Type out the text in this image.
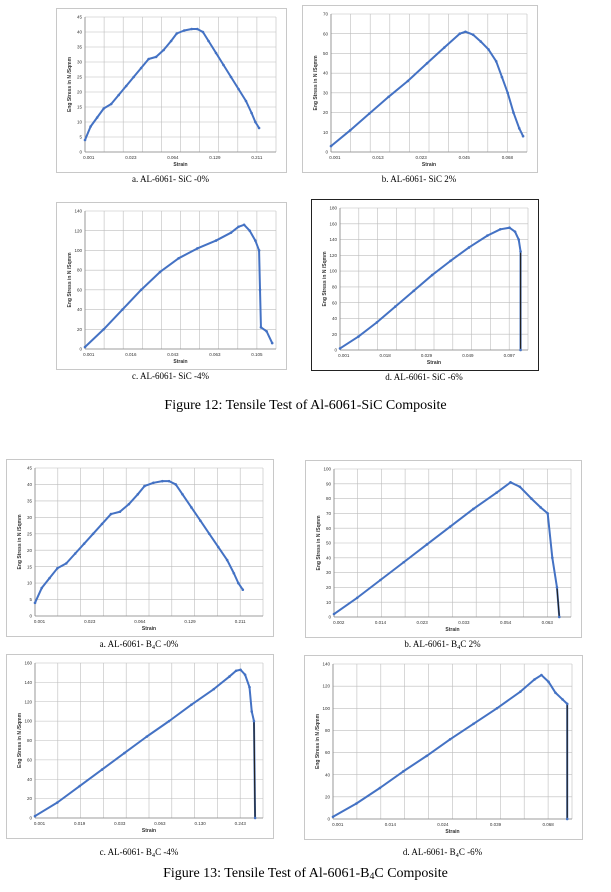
0
5
10
15
20
25
30
35
40
45
0.001	0.023	0.064	0.129	0.211
Strain
Eng Stress in N /Sqmm
a. AL-6061- SiC -0%
0
10
20
30
40
50
60
70
0.001	0.013	0.023	0.045	0.068
Strain
Eng Stress in N /Sqmm
b. AL-6061- SiC 2%
0
20
40
60
80
100
120
140
0.001	0.016	0.043	0.063	0.105
Strain
Eng Stress in N /Sqmm
c. AL-6061- SiC -4%
0
20
40
60
80
100
120
140
160
180
0.001	0.018	0.029	0.049	0.097
Strain
Eng Stress in N /Sqmm
d. AL-6061- SiC -6%
Figure 12: Tensile Test of Al-6061-SiC Composite
0
5
10
15
20
25
30
35
40
45
0.001	0.023	0.064	0.129	0.211
Strain
Eng Stress in N /Sqmm
a. AL-6061- $B_4C$ -0%
0
10
20
30
40
50
60
70
80
90
100
0.002	0.014	0.023	0.033	0.054	0.063
Strain
Eng Stress in N /Sqmm
b. AL-6061- $B_4C$ 2%
0
20
40
60
80
100
120
140
160
0.001	0.019	0.033	0.063	0.130	0.243
Strain
Eng Stress in N /Sqmm
c. AL-6061- $B_4C$ -4%
0
20
40
60
80
100
120
140
0.001	0.014	0.024	0.039	0.068
Strain
Eng Stress in N /Sqmm
d. AL-6061- $B_4C$ -6%
Figure 13: Tensile Test of $Al-6061-B_4C$ Composite
